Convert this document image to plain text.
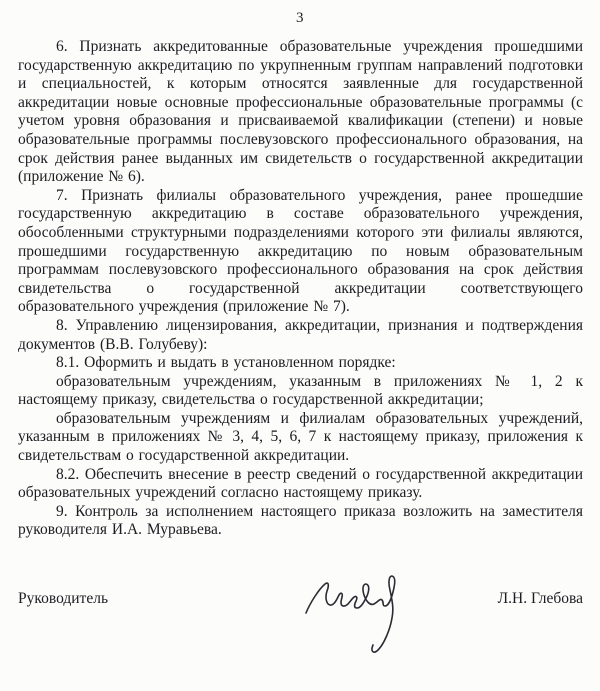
3

6. Признать аккредитованные образовательные учреждения прошедшими государственную аккредитацию по укрупненным группам направлений подготовки и специальностей, к которым относятся заявленные для государственной аккредитации новые основные профессиональные образовательные программы (с учетом уровня образования и присваиваемой квалификации (степени) и новые образовательные программы послевузовского профессионального образования, на срок действия ранее выданных им свидетельств о государственной аккредитации (приложение № 6).

7. Признать филиалы образовательного учреждения, ранее прошедшие государственную аккредитацию в составе образовательного учреждения, обособленными структурными подразделениями которого эти филиалы являются, прошедшими государственную аккредитацию по новым образовательным программам послевузовского профессионального образования на срок действия свидетельства о государственной аккредитации соответствующего образовательного учреждения (приложение № 7).

8. Управлению лицензирования, аккредитации, признания и подтверждения документов (В.В. Голубеву):

8.1. Оформить и выдать в установленном порядке:

образовательным учреждениям, указанным в приложениях № 1, 2 к настоящему приказу, свидетельства о государственной аккредитации;

образовательным учреждениям и филиалам образовательных учреждений, указанным в приложениях № 3, 4, 5, 6, 7 к настоящему приказу, приложения к свидетельствам о государственной аккредитации.

8.2. Обеспечить внесение в реестр сведений о государственной аккредитации образовательных учреждений согласно настоящему приказу.

9. Контроль за исполнением настоящего приказа возложить на заместителя руководителя И.А. Муравьева.

Руководитель	Л.Н. Глебова
